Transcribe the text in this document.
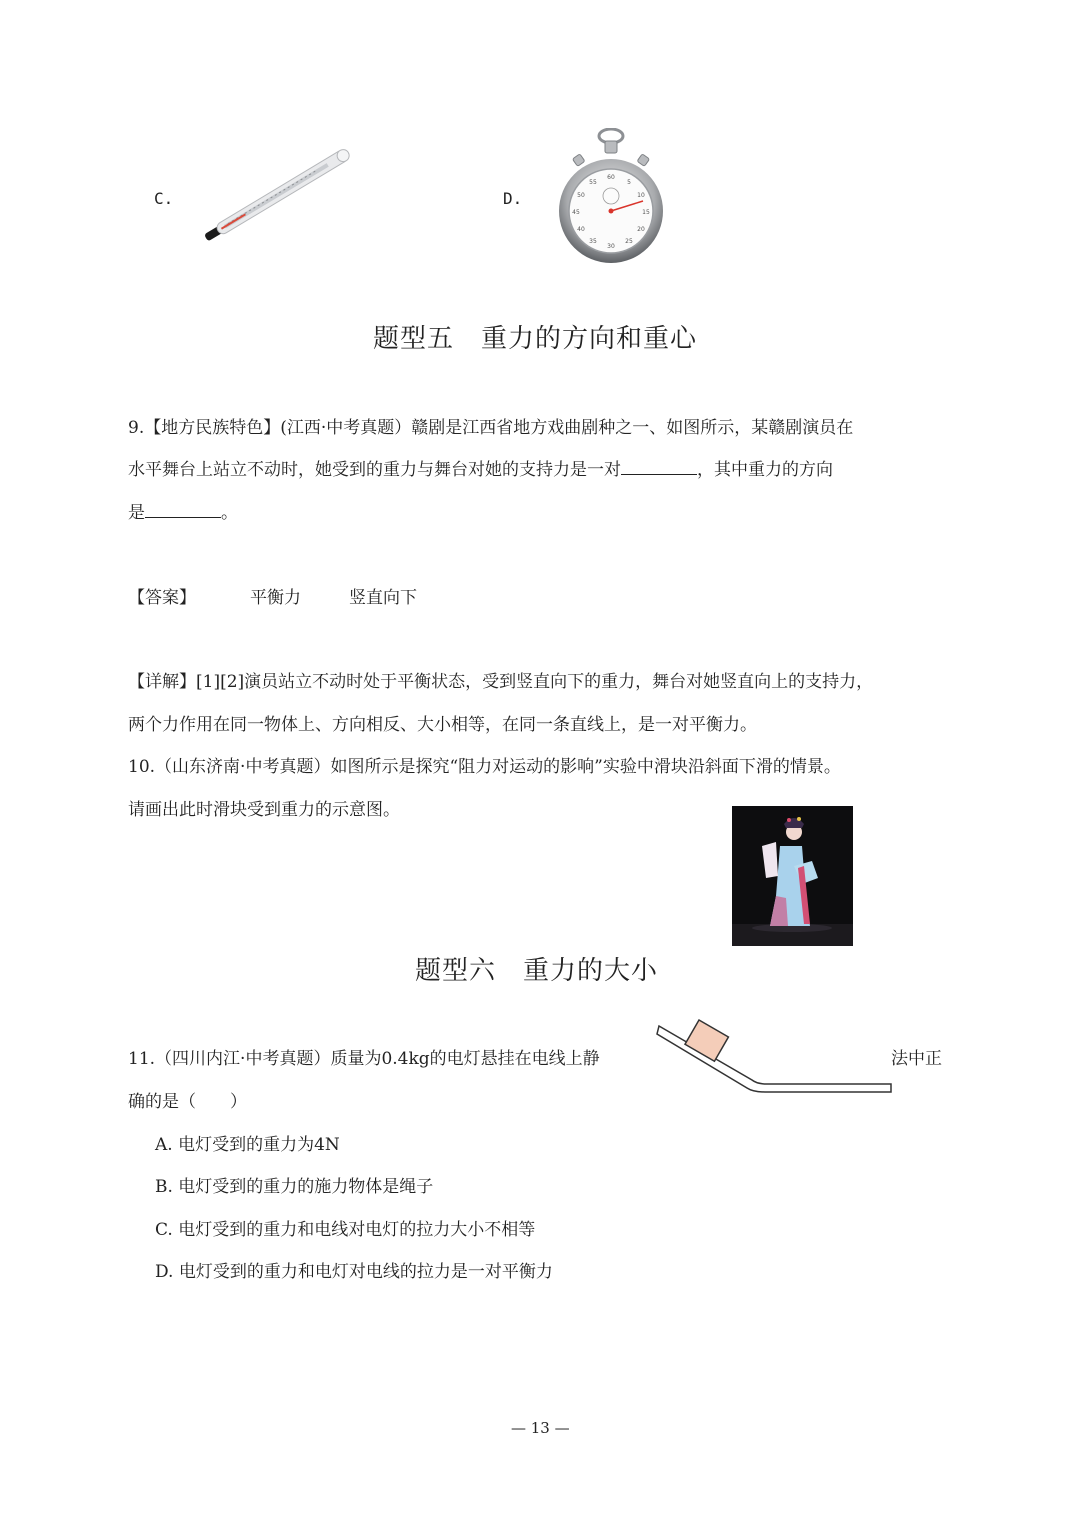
C.	D.
60
5
10
15
20
25
30
35
40
45
50
55
题型五　重力的方向和重心
9.【地方民族特色】(江西·中考真题）赣剧是江西省地方戏曲剧种之一、如图所示，某赣剧演员在
水平舞台上站立不动时，她受到的重力与舞台对她的支持力是一对	，其中重力的方向
是	。
【答案】	平衡力	竖直向下
【详解】[1][2]演员站立不动时处于平衡状态，受到竖直向下的重力，舞台对她竖直向上的支持力，
两个力作用在同一物体上、方向相反、大小相等，在同一条直线上，是一对平衡力。
10.（山东济南·中考真题）如图所示是探究“阻力对运动的影响”实验中滑块沿斜面下滑的情景。
请画出此时滑块受到重力的示意图。
题型六　重力的大小
11.（四川内江·中考真题）质量为0.4kg的电灯悬挂在电线上静	法中正
确的是（　　）
A. 电灯受到的重力为4N
B. 电灯受到的重力的施力物体是绳子
C. 电灯受到的重力和电线对电灯的拉力大小不相等
D. 电灯受到的重力和电灯对电线的拉力是一对平衡力
— 13 —
